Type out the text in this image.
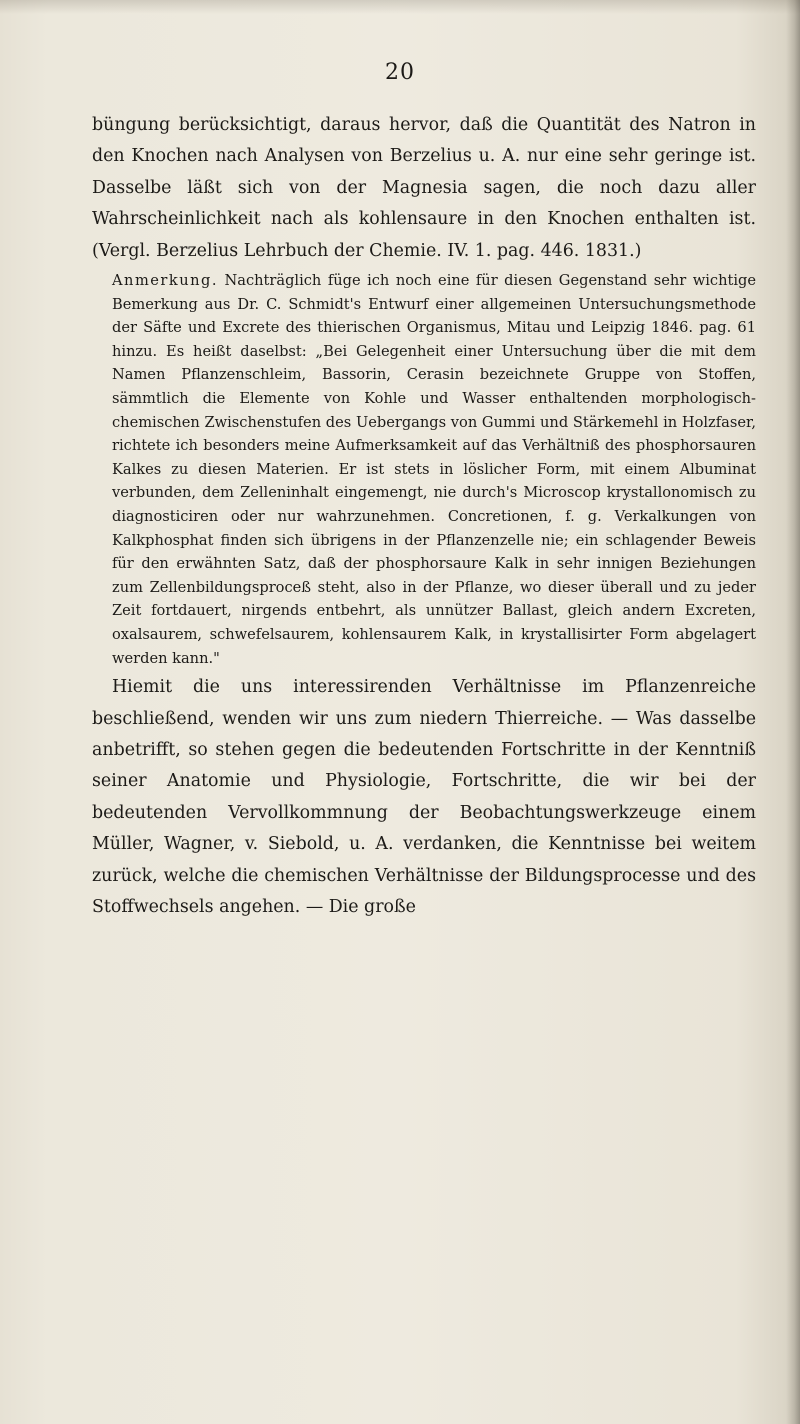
20

büngung berücksichtigt, daraus hervor, daß die Quantität des Natron in den Knochen nach Analysen von Berzelius u. A. nur eine sehr geringe ist. Dasselbe läßt sich von der Magnesia sagen, die noch dazu aller Wahrscheinlichkeit nach als kohlensaure in den Knochen enthalten ist. (Vergl. Berzelius Lehrbuch der Chemie. IV. 1. pag. 446. 1831.)

Anmerkung. Nachträglich füge ich noch eine für diesen Gegenstand sehr wichtige Bemerkung aus Dr. C. Schmidt's Entwurf einer allgemeinen Untersuchungsmethode der Säfte und Excrete des thierischen Organismus, Mitau und Leipzig 1846. pag. 61 hinzu. Es heißt daselbst: „Bei Gelegenheit einer Untersuchung über die mit dem Namen Pflanzenschleim, Bassorin, Cerasin bezeichnete Gruppe von Stoffen, sämmtlich die Elemente von Kohle und Wasser enthaltenden morphologisch-chemischen Zwischenstufen des Uebergangs von Gummi und Stärkemehl in Holzfaser, richtete ich besonders meine Aufmerksamkeit auf das Verhältniß des phosphorsauren Kalkes zu diesen Materien. Er ist stets in löslicher Form, mit einem Albuminat verbunden, dem Zelleninhalt eingemengt, nie durch's Microscop krystallonomisch zu diagnosticiren oder nur wahrzunehmen. Concretionen, f. g. Verkalkungen von Kalkphosphat finden sich übrigens in der Pflanzenzelle nie; ein schlagender Beweis für den erwähnten Satz, daß der phosphorsaure Kalk in sehr innigen Beziehungen zum Zellenbildungsproceß steht, also in der Pflanze, wo dieser überall und zu jeder Zeit fortdauert, nirgends entbehrt, als unnützer Ballast, gleich andern Excreten, oxalsaurem, schwefelsaurem, kohlensaurem Kalk, in krystallisirter Form abgelagert werden kann."

Hiemit die uns interessirenden Verhältnisse im Pflanzenreiche beschließend, wenden wir uns zum niedern Thierreiche. — Was dasselbe anbetrifft, so stehen gegen die bedeutenden Fortschritte in der Kenntniß seiner Anatomie und Physiologie, Fortschritte, die wir bei der bedeutenden Vervollkommnung der Beobachtungswerkzeuge einem Müller, Wagner, v. Siebold, u. A. verdanken, die Kenntnisse bei weitem zurück, welche die chemischen Verhältnisse der Bildungsprocesse und des Stoffwechsels angehen. — Die große
